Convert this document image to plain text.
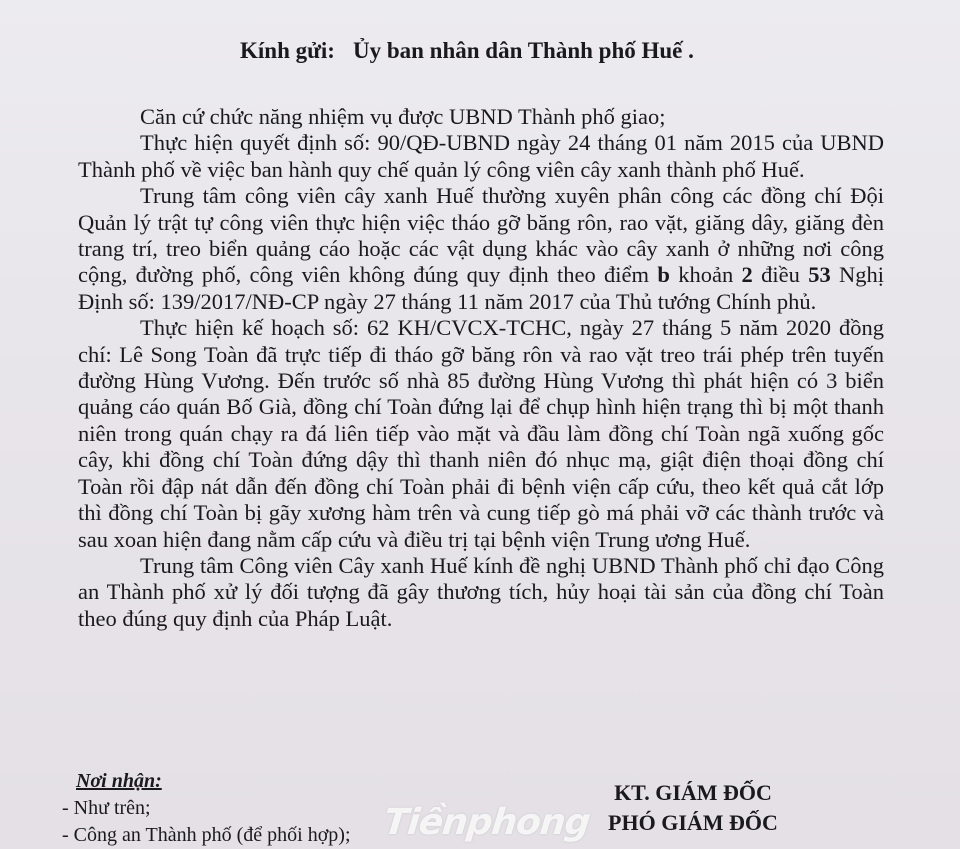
Kính gửi: Ủy ban nhân dân Thành phố Huế .

Căn cứ chức năng nhiệm vụ được UBND Thành phố giao;

Thực hiện quyết định số: 90/QĐ-UBND ngày 24 tháng 01 năm 2015 của UBND Thành phố về việc ban hành quy chế quản lý công viên cây xanh thành phố Huế.

Trung tâm công viên cây xanh Huế thường xuyên phân công các đồng chí Đội Quản lý trật tự công viên thực hiện việc tháo gỡ băng rôn, rao vặt, giăng dây, giăng đèn trang trí, treo biển quảng cáo hoặc các vật dụng khác vào cây xanh ở những nơi công cộng, đường phố, công viên không đúng quy định theo điểm b khoản 2 điều 53 Nghị Định số: 139/2017/NĐ-CP ngày 27 tháng 11 năm 2017 của Thủ tướng Chính phủ.

Thực hiện kế hoạch số: 62 KH/CVCX-TCHC, ngày 27 tháng 5 năm 2020 đồng chí: Lê Song Toàn đã trực tiếp đi tháo gỡ băng rôn và rao vặt treo trái phép trên tuyến đường Hùng Vương. Đến trước số nhà 85 đường Hùng Vương thì phát hiện có 3 biển quảng cáo quán Bố Già, đồng chí Toàn đứng lại để chụp hình hiện trạng thì bị một thanh niên trong quán chạy ra đá liên tiếp vào mặt và đầu làm đồng chí Toàn ngã xuống gốc cây, khi đồng chí Toàn đứng dậy thì thanh niên đó nhục mạ, giật điện thoại đồng chí Toàn rồi đập nát dẫn đến đồng chí Toàn phải đi bệnh viện cấp cứu, theo kết quả cắt lớp thì đồng chí Toàn bị gãy xương hàm trên và cung tiếp gò má phải vỡ các thành trước và sau xoan hiện đang nằm cấp cứu và điều trị tại bệnh viện Trung ương Huế.

Trung tâm Công viên Cây xanh Huế kính đề nghị UBND Thành phố chỉ đạo Công an Thành phố xử lý đối tượng đã gây thương tích, hủy hoại tài sản của đồng chí Toàn theo đúng quy định của Pháp Luật.

Nơi nhận:
- Như trên;
- Công an Thành phố (để phối hợp);
KT. GIÁM ĐỐC
PHÓ GIÁM ĐỐC
Tiềnphong
